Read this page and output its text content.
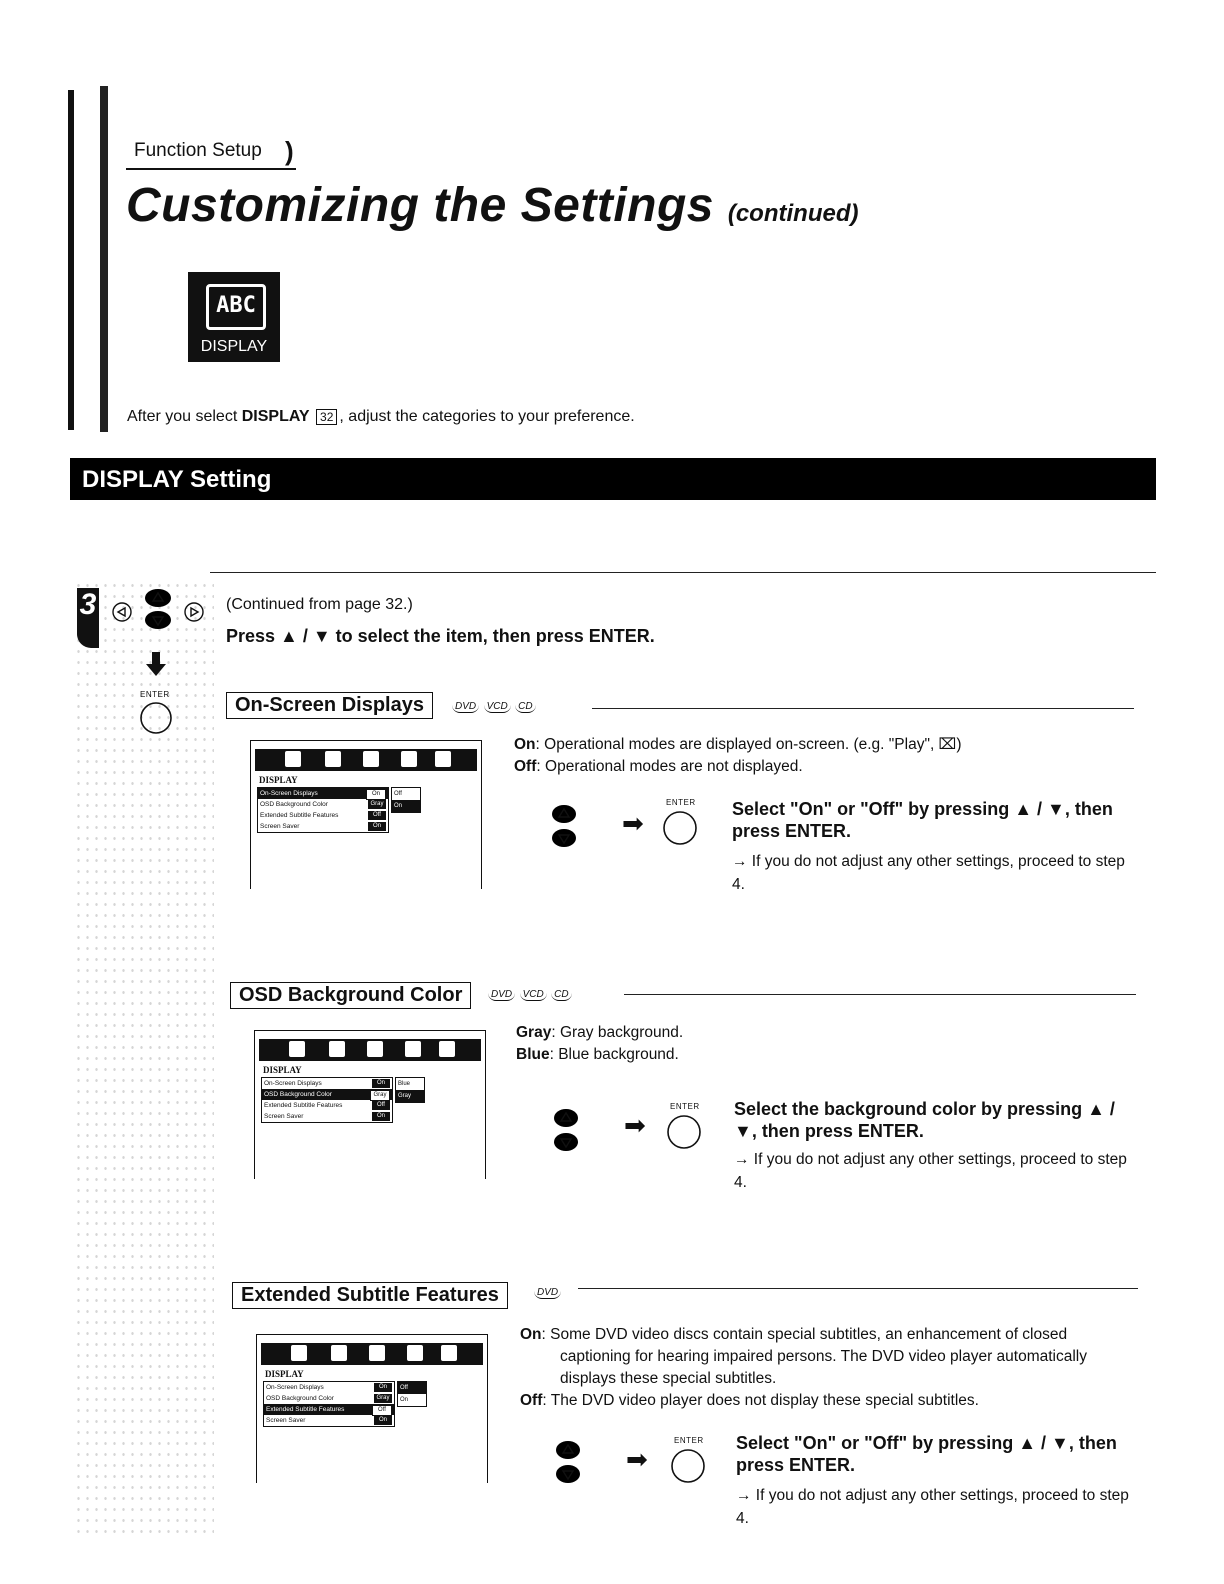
Function Setup )
Customizing the Settings (continued)
ABC
DISPLAY
After you select DISPLAY 32 , adjust the categories to your preference.
DISPLAY Setting
3
ENTER
(Continued from page 32.)
Press ▲ / ▼ to select the item, then press ENTER.
On-Screen Displays	DVD VCD CD
DISPLAY
On-Screen Displays	On
OSD Background Color	Gray
Extended Subtitle Features	Off
Screen Saver	On
Off
On
On: Operational modes are displayed on-screen. (e.g. "Play", ⌧)
Off: Operational modes are not displayed.
➡
ENTER Select "On" or "Off" by pressing ▲ / ▼, then press ENTER.
→ If you do not adjust any other settings, proceed to step 4.
OSD Background Color	DVD VCD CD
DISPLAY
On-Screen Displays	On
OSD Background Color	Gray
Extended Subtitle Features	Off
Screen Saver	On
Blue
Gray
Gray: Gray background.
Blue: Blue background.
➡
ENTER Select the background color by pressing ▲ / ▼, then press ENTER.
→ If you do not adjust any other settings, proceed to step 4.
Extended Subtitle Features	DVD
DISPLAY
On-Screen Displays	On
OSD Background Color	Gray
Extended Subtitle Features	Off
Screen Saver	On
Off
On
On: Some DVD video discs contain special subtitles, an enhancement of closed captioning for hearing impaired persons. The DVD video player automatically displays these special subtitles.
Off: The DVD video player does not display these special subtitles.
➡
ENTER Select "On" or "Off" by pressing ▲ / ▼, then press ENTER.
→ If you do not adjust any other settings, proceed to step 4.
